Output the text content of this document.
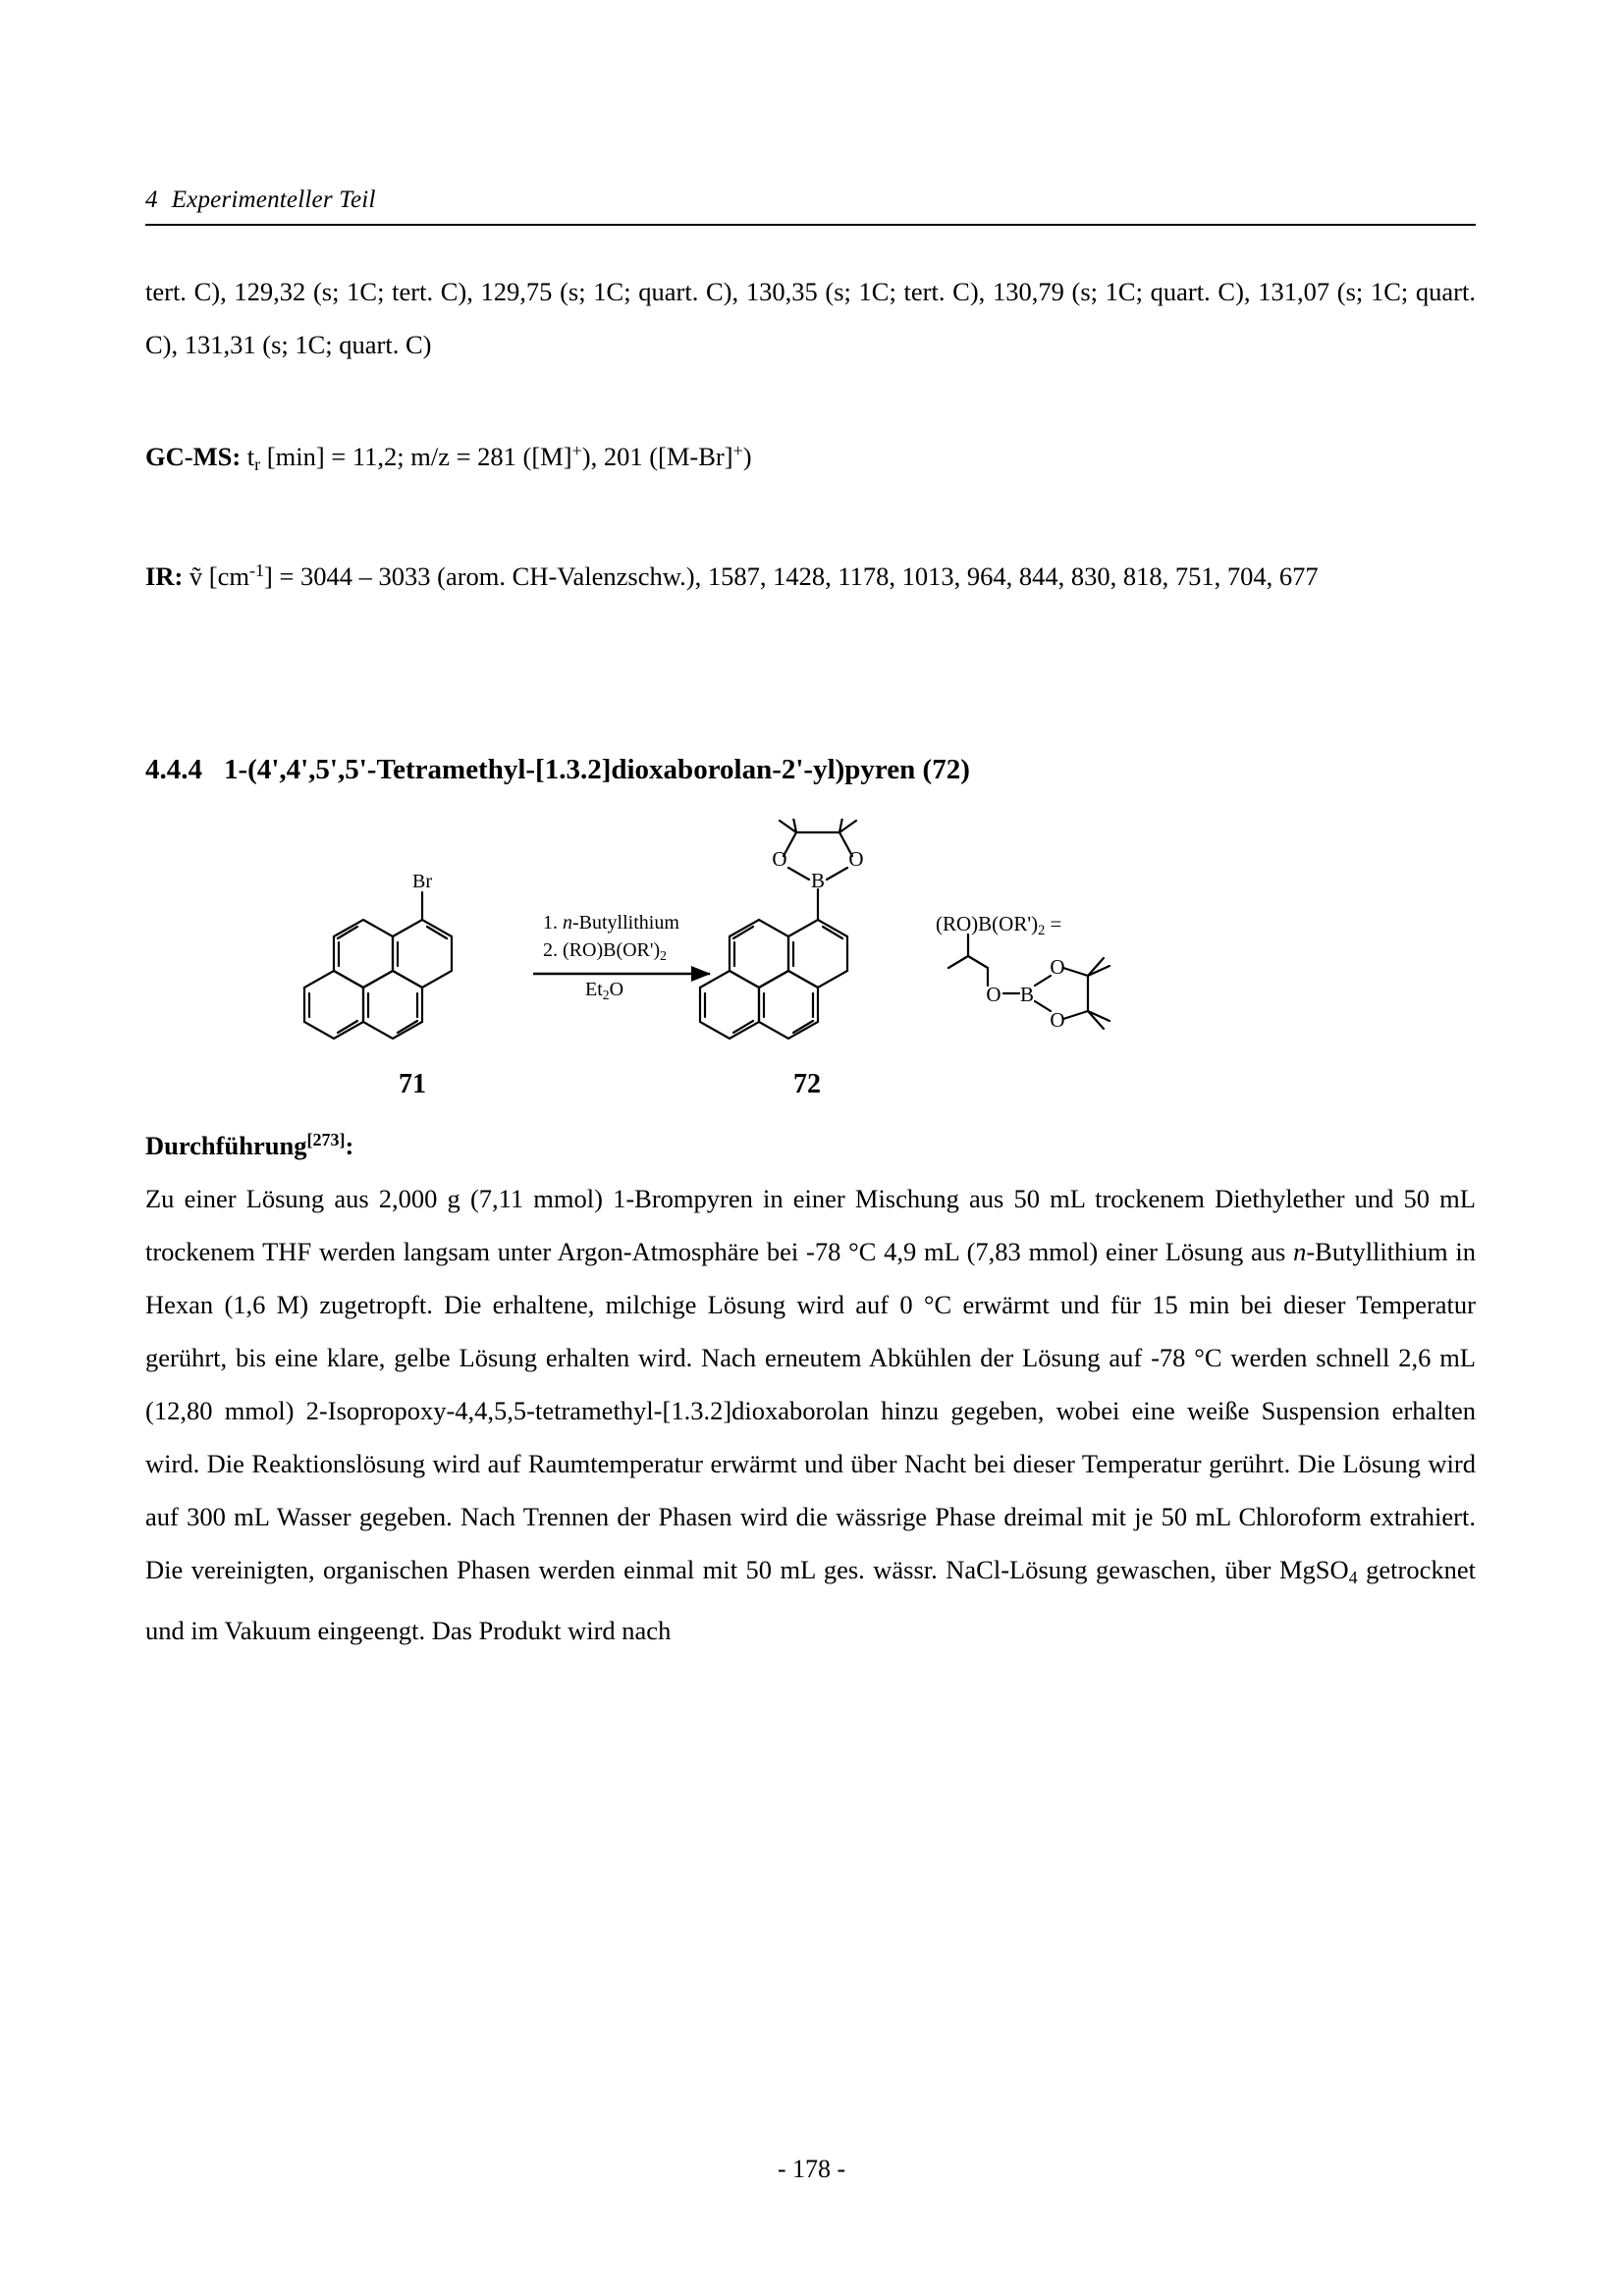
4 Experimenteller Teil

tert. C), 129,32 (s; 1C; tert. C), 129,75 (s; 1C; quart. C), 130,35 (s; 1C; tert. C), 130,79 (s; 1C; quart. C), 131,07 (s; 1C; quart. C), 131,31 (s; 1C; quart. C)

GC-MS: $t_r$ [min] = 11,2; m/z = 281 ([M]+), 201 ([M-Br]+)

IR: ṽ $[cm^{-1}] = 3044 - 3033$ (arom. CH-Valenzschw.), 1587, 1428, 1178, 1013, 964, 844, 830, 818, 751, 704, 677

4.4.4 1-(4',4',5',5'-Tetramethyl-[1.3.2]dioxaborolan-2'-yl)pyren (72)
Br	B
O	O
O B
O
O
1. n-Butyllithium
2. $(RO)B(OR')_2$
$Et_2O$
$(RO)B(OR')_2$ =
71	72

Durchführung[273]:

Zu einer Lösung aus 2,000 g (7,11 mmol) 1-Brompyren in einer Mischung aus 50 mL trockenem Diethylether und 50 mL trockenem THF werden langsam unter Argon-Atmosphäre bei -78 °C 4,9 mL (7,83 mmol) einer Lösung aus n-Butyllithium in Hexan (1,6 M) zugetropft. Die erhaltene, milchige Lösung wird auf 0 °C erwärmt und für 15 min bei dieser Temperatur gerührt, bis eine klare, gelbe Lösung erhalten wird. Nach erneutem Abkühlen der Lösung auf -78 °C werden schnell 2,6 mL (12,80 mmol) 2-Isopropoxy-4,4,5,5-tetramethyl-[1.3.2]dioxaborolan hinzu gegeben, wobei eine weiße Suspension erhalten wird. Die Reaktionslösung wird auf Raumtemperatur erwärmt und über Nacht bei dieser Temperatur gerührt. Die Lösung wird auf 300 mL Wasser gegeben. Nach Trennen der Phasen wird die wässrige Phase dreimal mit je 50 mL Chloroform extrahiert. Die vereinigten, organischen Phasen werden einmal mit 50 mL ges. wässr. NaCl-Lösung gewaschen, über MgSO$_4$ getrocknet und im Vakuum eingeengt. Das Produkt wird nach

- 178 -
